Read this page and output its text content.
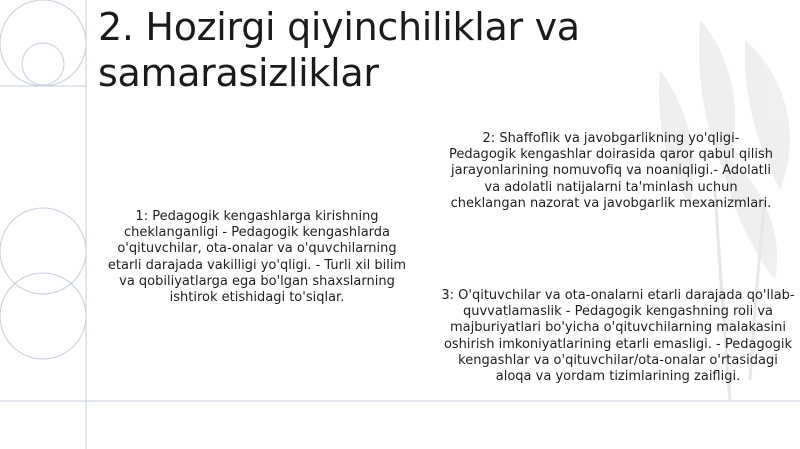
2. Hozirgi qiyinchiliklar va samarasizliklar

1: Pedagogik kengashlarga kirishning cheklanganligi - Pedagogik kengashlarda o'qituvchilar, ota-onalar va o'quvchilarning etarli darajada vakilligi yo'qligi. - Turli xil bilim va qobiliyatlarga ega bo'lgan shaxslarning ishtirok etishidagi to'siqlar.

2: Shaffoflik va javobgarlikning yo'qligi- Pedagogik kengashlar doirasida qaror qabul qilish jarayonlarining nomuvofiq va noaniqligi.- Adolatli va adolatli natijalarni ta'minlash uchun cheklangan nazorat va javobgarlik mexanizmlari.

3: O'qituvchilar va ota-onalarni etarli darajada qo'llab-quvvatlamaslik - Pedagogik kengashning roli va majburiyatlari bo'yicha o'qituvchilarning malakasini oshirish imkoniyatlarining etarli emasligi. - Pedagogik kengashlar va o'qituvchilar/ota-onalar o'rtasidagi aloqa va yordam tizimlarining zaifligi.
